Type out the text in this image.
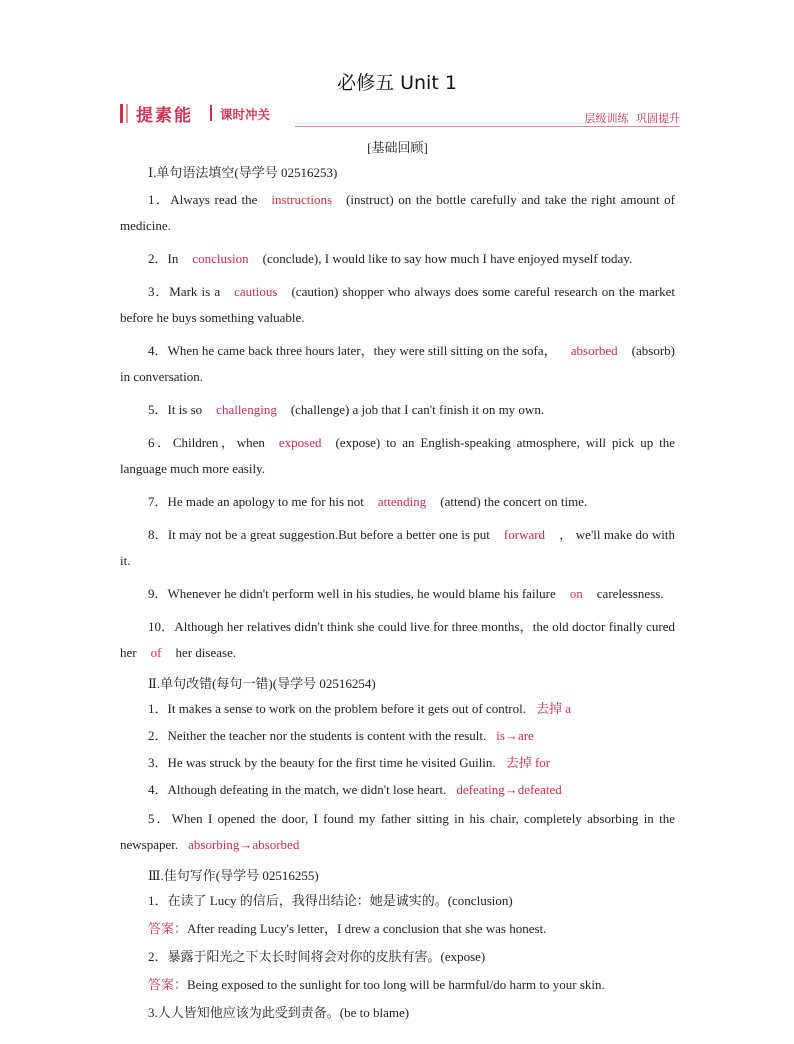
必修五 Unit 1
提素能 课时冲关	层级训练 巩固提升
[基础回顾]
Ⅰ.单句语法填空(导学号 02516253)
1．Always read the instructions (instruct) on the bottle carefully and take the right amount of medicine.
2．In conclusion (conclude), I would like to say how much I have enjoyed myself today.
3．Mark is a cautious (caution) shopper who always does some careful research on the market before he buys something valuable.
4．When he came back three hours later，they were still sitting on the sofa， absorbed (absorb) in conversation.
5．It is so challenging (challenge) a job that I can't finish it on my own.
6．Children，when exposed (expose) to an English-speaking atmosphere, will pick up the language much more easily.
7．He made an apology to me for his not attending (attend) the concert on time.
8．It may not be a great suggestion.But before a better one is put forward ， we'll make do with it.
9．Whenever he didn't perform well in his studies, he would blame his failure on carelessness.
10．Although her relatives didn't think she could live for three months，the old doctor finally cured her of her disease.
Ⅱ.单句改错(每句一错)(导学号 02516254)
1．It makes a sense to work on the problem before it gets out of control. 去掉 a
2．Neither the teacher nor the students is content with the result. is→are
3．He was struck by the beauty for the first time he visited Guilin. 去掉 for
4．Although defeating in the match, we didn't lose heart. defeating→defeated
5．When I opened the door, I found my father sitting in his chair, completely absorbing in the newspaper. absorbing→absorbed
Ⅲ.佳句写作(导学号 02516255)
1．在读了 Lucy 的信后，我得出结论：她是诚实的。(conclusion)
答案：After reading Lucy's letter，I drew a conclusion that she was honest.
2．暴露于阳光之下太长时间将会对你的皮肤有害。(expose)
答案：Being exposed to the sunlight for too long will be harmful/do harm to your skin.
3.人人皆知他应该为此受到责备。(be to blame)
